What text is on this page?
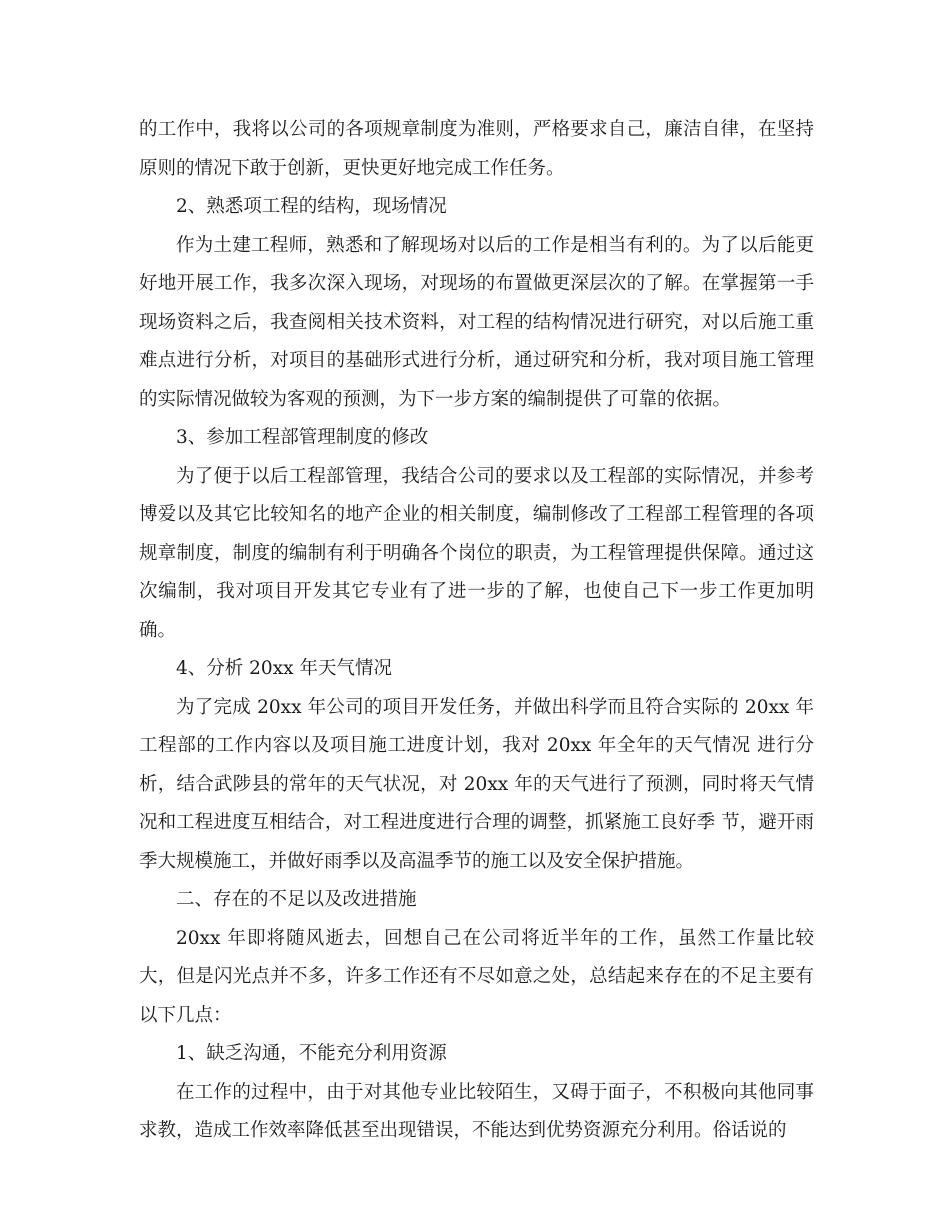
的工作中，我将以公司的各项规章制度为准则，严格要求自己，廉洁自律，在坚持原则的情况下敢于创新，更快更好地完成工作任务。

2、熟悉项工程的结构，现场情况

作为土建工程师，熟悉和了解现场对以后的工作是相当有利的。为了以后能更好地开展工作，我多次深入现场，对现场的布置做更深层次的了解。在掌握第一手现场资料之后，我查阅相关技术资料，对工程的结构情况进行研究，对以后施工重难点进行分析，对项目的基础形式进行分析，通过研究和分析，我对项目施工管理的实际情况做较为客观的预测，为下一步方案的编制提供了可靠的依据。

3、参加工程部管理制度的修改

为了便于以后工程部管理，我结合公司的要求以及工程部的实际情况，并参考博爱以及其它比较知名的地产企业的相关制度，编制修改了工程部工程管理的各项规章制度，制度的编制有利于明确各个岗位的职责，为工程管理提供保障。通过这次编制，我对项目开发其它专业有了进一步的了解，也使自己下一步工作更加明确。

4、分析 20xx 年天气情况

为了完成 20xx 年公司的项目开发任务，并做出科学而且符合实际的 20xx 年工程部的工作内容以及项目施工进度计划，我对 20xx 年全年的天气情况 进行分析，结合武陟县的常年的天气状况，对 20xx 年的天气进行了预测，同时将天气情况和工程进度互相结合，对工程进度进行合理的调整，抓紧施工良好季 节，避开雨季大规模施工，并做好雨季以及高温季节的施工以及安全保护措施。

二、存在的不足以及改进措施

20xx 年即将随风逝去，回想自己在公司将近半年的工作，虽然工作量比较大，但是闪光点并不多，许多工作还有不尽如意之处，总结起来存在的不足主要有以下几点：

1、缺乏沟通，不能充分利用资源

在工作的过程中，由于对其他专业比较陌生，又碍于面子，不积极向其他同事求教，造成工作效率降低甚至出现错误，不能达到优势资源充分利用。俗话说的
